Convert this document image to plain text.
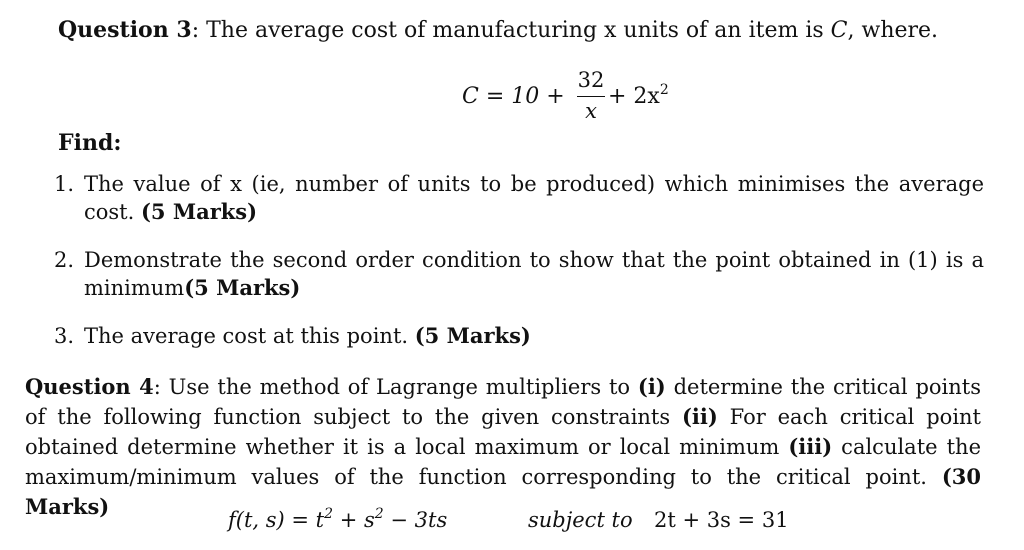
Question 3: The average cost of manufacturing x units of an item is C, where.

C = 10 +
32
x
+ $2x^2$
Find:
1. The value of x (ie, number of units to be produced) which minimises the average cost. (5 Marks)
2. Demonstrate the second order condition to show that the point obtained in (1) is a minimum(5 Marks)
3. The average cost at this point. (5 Marks)
Question 4: Use the method of Lagrange multipliers to (i) determine the critical points of the following function subject to the given constraints (ii) For each critical point obtained determine whether it is a local maximum or local minimum (iii) calculate the maximum/minimum values of the function corresponding to the critical point. (30 Marks)
f(t, $s) = t^2 + s^2 - 3ts$	subject to 2t + 3s = 31
